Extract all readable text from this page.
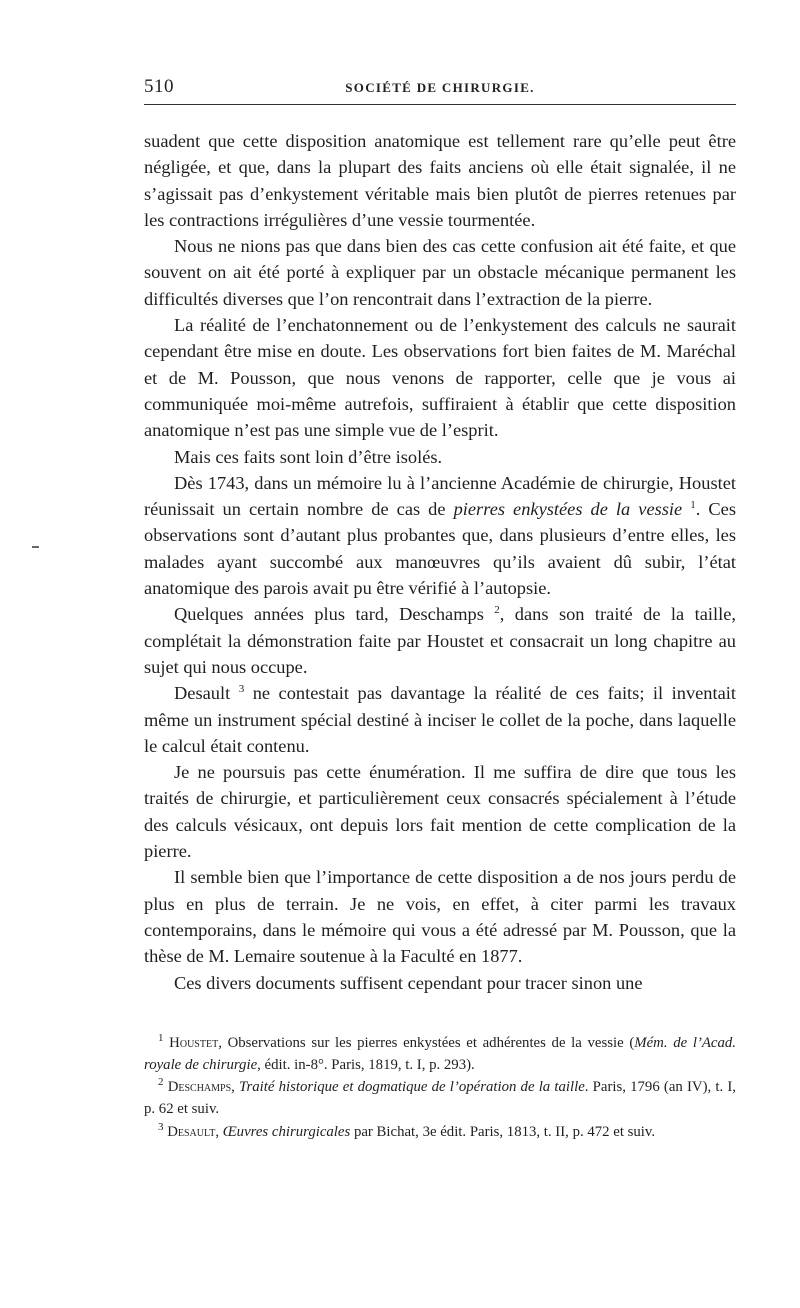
510	SOCIÉTÉ DE CHIRURGIE.

suadent que cette disposition anatomique est tellement rare qu’elle peut être négligée, et que, dans la plupart des faits anciens où elle était signalée, il ne s’agissait pas d’enkystement véritable mais bien plutôt de pierres retenues par les contractions irrégulières d’une vessie tourmentée.

Nous ne nions pas que dans bien des cas cette confusion ait été faite, et que souvent on ait été porté à expliquer par un obstacle mécanique permanent les difficultés diverses que l’on rencontrait dans l’extraction de la pierre.

La réalité de l’enchatonnement ou de l’enkystement des calculs ne saurait cependant être mise en doute. Les observations fort bien faites de M. Maréchal et de M. Pousson, que nous venons de rapporter, celle que je vous ai communiquée moi-même autrefois, suffiraient à établir que cette disposition anatomique n’est pas une simple vue de l’esprit.

Mais ces faits sont loin d’être isolés.

Dès 1743, dans un mémoire lu à l’ancienne Académie de chirurgie, Houstet réunissait un certain nombre de cas de pierres enkystées de la vessie $^1$. Ces observations sont d’autant plus probantes que, dans plusieurs d’entre elles, les malades ayant succombé aux manœuvres qu’ils avaient dû subir, l’état anatomique des parois avait pu être vérifié à l’autopsie.

Quelques années plus tard, Deschamps $^2$, dans son traité de la taille, complétait la démonstration faite par Houstet et consacrait un long chapitre au sujet qui nous occupe.

Desault $^3$ ne contestait pas davantage la réalité de ces faits; il inventait même un instrument spécial destiné à inciser le collet de la poche, dans laquelle le calcul était contenu.

Je ne poursuis pas cette énumération. Il me suffira de dire que tous les traités de chirurgie, et particulièrement ceux consacrés spécialement à l’étude des calculs vésicaux, ont depuis lors fait mention de cette complication de la pierre.

Il semble bien que l’importance de cette disposition a de nos jours perdu de plus en plus de terrain. Je ne vois, en effet, à citer parmi les travaux contemporains, dans le mémoire qui vous a été adressé par M. Pousson, que la thèse de M. Lemaire soutenue à la Faculté en 1877.

Ces divers documents suffisent cependant pour tracer sinon une

$^1$ Houstet, Observations sur les pierres enkystées et adhérentes de la vessie (Mém. de l’Acad. royale de chirurgie, édit. in-8°. Paris, 1819, t. I, p. 293).

$^2$ Deschamps, Traité historique et dogmatique de l’opération de la taille. Paris, 1796 (an IV), t. I, p. 62 et suiv.

$^3$ Desault, Œuvres chirurgicales par Bichat, 3e édit. Paris, 1813, t. II, p. 472 et suiv.
